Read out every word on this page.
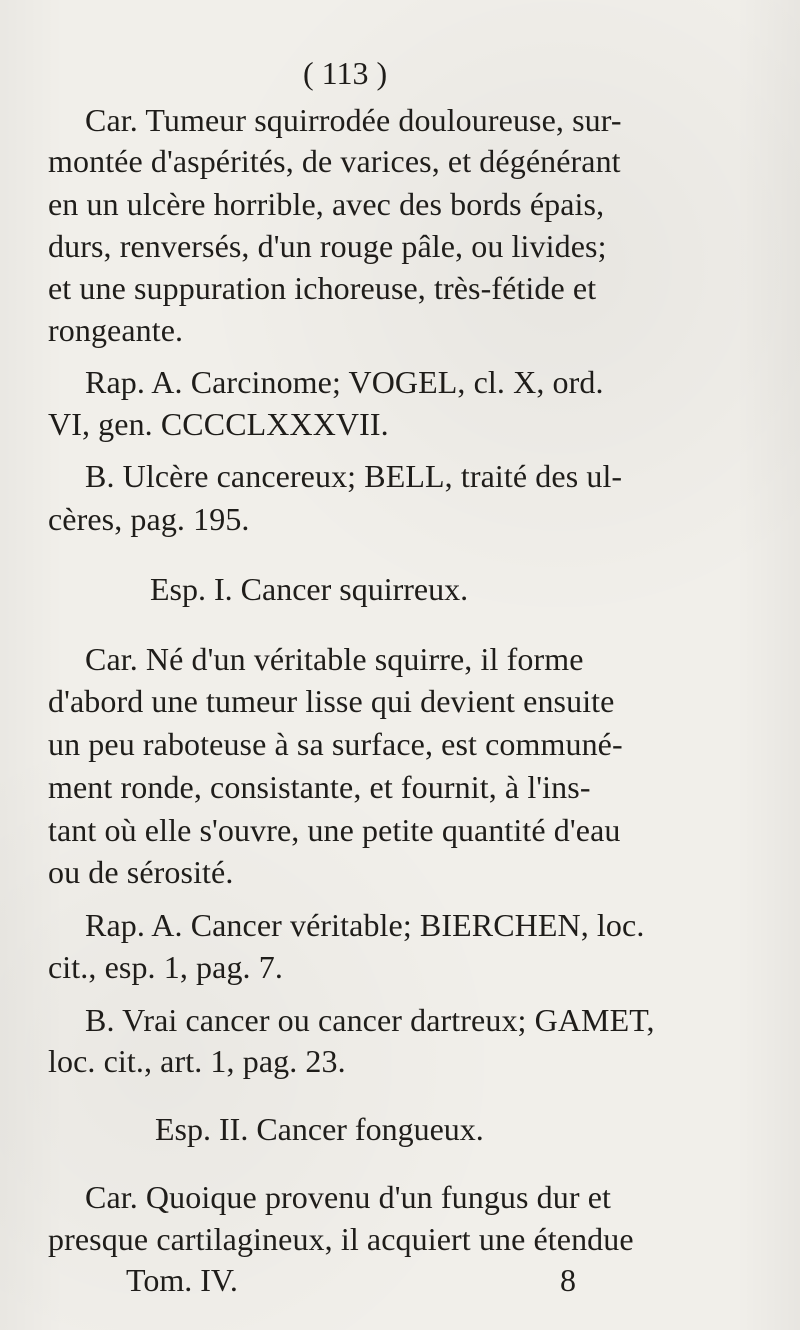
( 113 )
Car. Tumeur squirrodée douloureuse, sur-
montée d'aspérités, de varices, et dégénérant
en un ulcère horrible, avec des bords épais,
durs, renversés, d'un rouge pâle, ou livides;
et une suppuration ichoreuse, très-fétide et
rongeante.
Rap. A. Carcinome; VOGEL, cl. X, ord.
VI, gen. CCCCLXXXVII.
B. Ulcère cancereux; BELL, traité des ul-
cères, pag. 195.
Esp. I. Cancer squirreux.
Car. Né d'un véritable squirre, il forme
d'abord une tumeur lisse qui devient ensuite
un peu raboteuse à sa surface, est communé-
ment ronde, consistante, et fournit, à l'ins-
tant où elle s'ouvre, une petite quantité d'eau
ou de sérosité.
Rap. A. Cancer véritable; BIERCHEN, loc.
cit., esp. 1, pag. 7.
B. Vrai cancer ou cancer dartreux; GAMET,
loc. cit., art. 1, pag. 23.
Esp. II. Cancer fongueux.
Car. Quoique provenu d'un fungus dur et
presque cartilagineux, il acquiert une étendue
Tom. IV.	8
